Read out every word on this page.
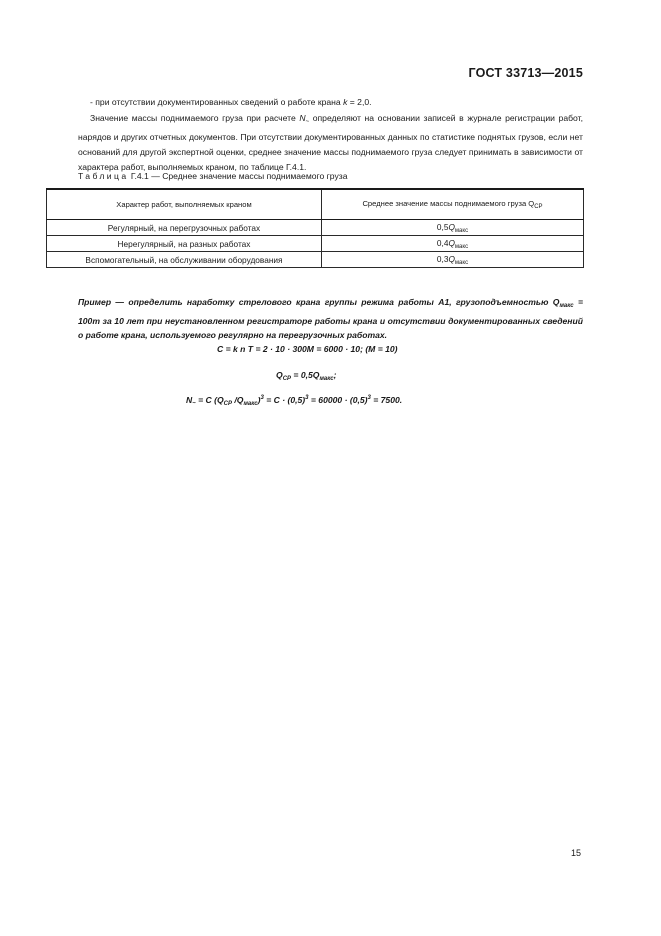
ГОСТ 33713—2015
- при отсутствии документированных сведений о работе крана k = 2,0.
Значение массы поднимаемого груза при расчете $N_\sim$ определяют на основании записей в журнале регистрации работ, нарядов и других отчетных документов. При отсутствии документированных данных по статистике поднятых грузов, если нет оснований для другой экспертной оценки, среднее значение массы поднимаемого груза следует принимать в зависимости от характера работ, выполняемых краном, по таблице Г.4.1.
Таблица Г.4.1 — Среднее значение массы поднимаемого груза
Характер работ, выполняемых краном	Среднее значение массы поднимаемого груза $Q_{СР}$
Регулярный, на перегрузочных работах	$0,5Q_{макс}$
Нерегулярный, на разных работах	$0,4Q_{макс}$
Вспомогательный, на обслуживании оборудования	$0,3Q_{макс}$
Пример — определить наработку стрелового крана группы режима работы А1, грузоподъемностью $Q_{макс} = 100т$ за 10 лет при неустановленном регистраторе работы крана и отсутствии документированных сведений о работе крана, используемого регулярно на перегрузочных работах.
C = k n T = 2 · 10 · 300M = 6000 · 10; (M = 10)
$Q_{CP} = 0,5Q_{макс}$;
$N_\sim = C$ ($Q_{CP}$ $/Q_{макс})^3 = C \cdot (0,5)^3 = 60000 \cdot (0,5)^3 = 7500$.
15
